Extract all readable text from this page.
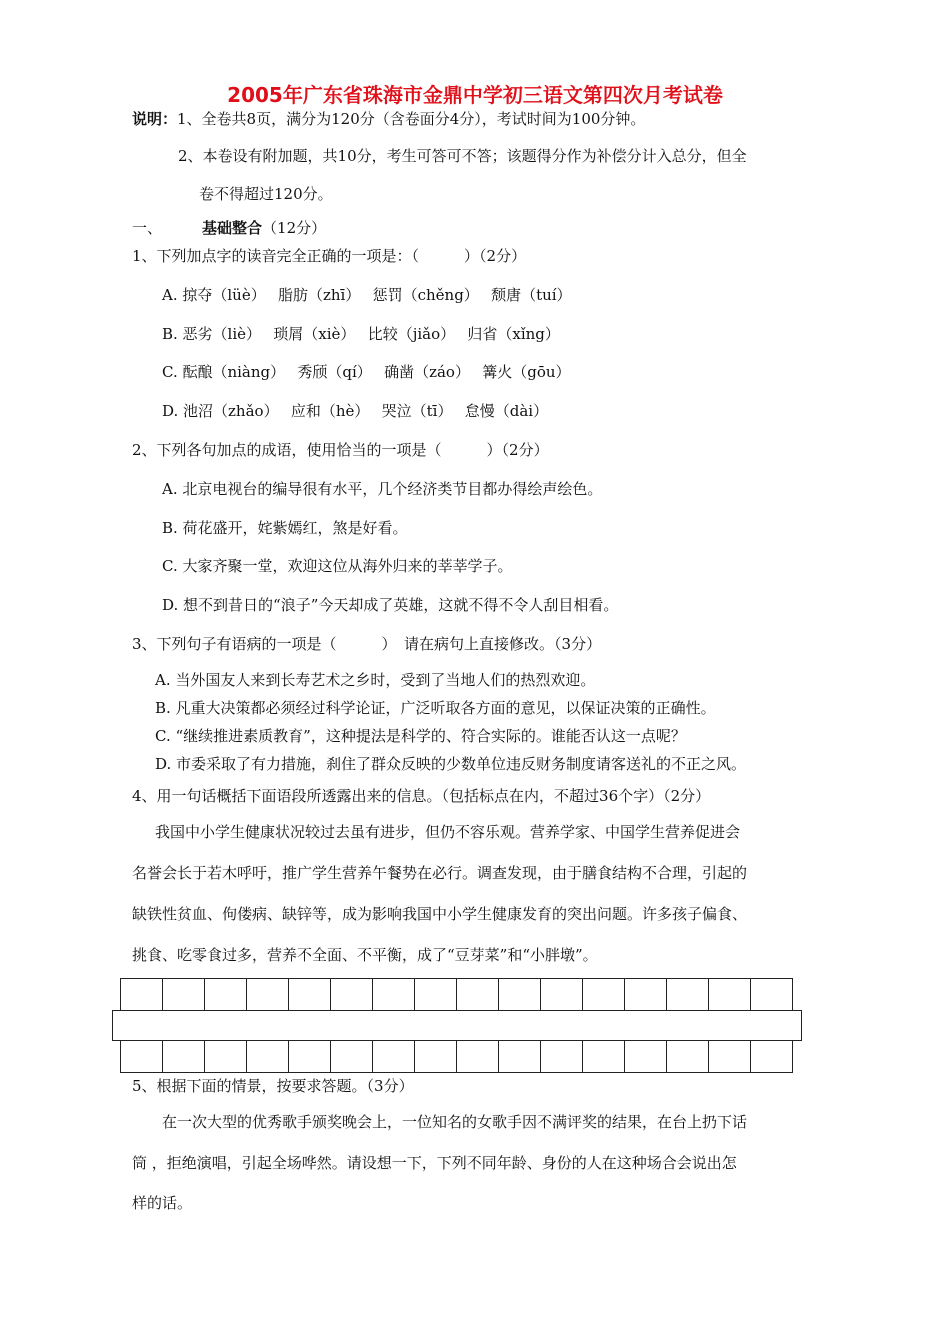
2005年广东省珠海市金鼎中学初三语文第四次月考试卷
说明：1、全卷共8页，满分为120分（含卷面分4分），考试时间为100分钟。
2、本卷设有附加题，共10分，考生可答可不答；该题得分作为补偿分计入总分，但全
卷不得超过120分。
一、	基础整合（12分）
1、下列加点字的读音完全正确的一项是：（　　　）（2分）
A. 掠夺（lüè）　 脂肪（zhī）　 惩罚（chěng）　 颓唐（tuí）
B. 恶劣（liè）　 琐屑（xiè）　 比较（jiǎo）　 归省（xǐng）
C. 酝酿（niàng）　 秀颀（qí）　 确凿（záo）　 篝火（gōu）
D. 池沼（zhǎo）　 应和（hè）　 哭泣（tī）　 怠慢（dài）
2、下列各句加点的成语，使用恰当的一项是（　　　）（2分）
A. 北京电视台的编导很有水平，几个经济类节目都办得绘声绘色。
B. 荷花盛开，姹紫嫣红，煞是好看。
C. 大家齐聚一堂，欢迎这位从海外归来的莘莘学子。
D. 想不到昔日的“浪子”今天却成了英雄，这就不得不令人刮目相看。
3、下列句子有语病的一项是（　　　）　请在病句上直接修改。（3分）
A. 当外国友人来到长寿艺术之乡时，受到了当地人们的热烈欢迎。
B. 凡重大决策都必须经过科学论证，广泛听取各方面的意见，以保证决策的正确性。
C. “继续推进素质教育”，这种提法是科学的、符合实际的。谁能否认这一点呢？
D. 市委采取了有力措施，刹住了群众反映的少数单位违反财务制度请客送礼的不正之风。
4、用一句话概括下面语段所透露出来的信息。（包括标点在内，不超过36个字）（2分）
我国中小学生健康状况较过去虽有进步，但仍不容乐观。营养学家、中国学生营养促进会
名誉会长于若木呼吁，推广学生营养午餐势在必行。调查发现，由于膳食结构不合理，引起的
缺铁性贫血、佝偻病、缺锌等，成为影响我国中小学生健康发育的突出问题。许多孩子偏食、
挑食、吃零食过多，营养不全面、不平衡，成了“豆芽菜”和“小胖墩”。

5、根据下面的情景，按要求答题。（3分）
在一次大型的优秀歌手颁奖晚会上，一位知名的女歌手因不满评奖的结果，在台上扔下话
筒 ，拒绝演唱，引起全场哗然。请设想一下，下列不同年龄、身份的人在这种场合会说出怎
样的话。
